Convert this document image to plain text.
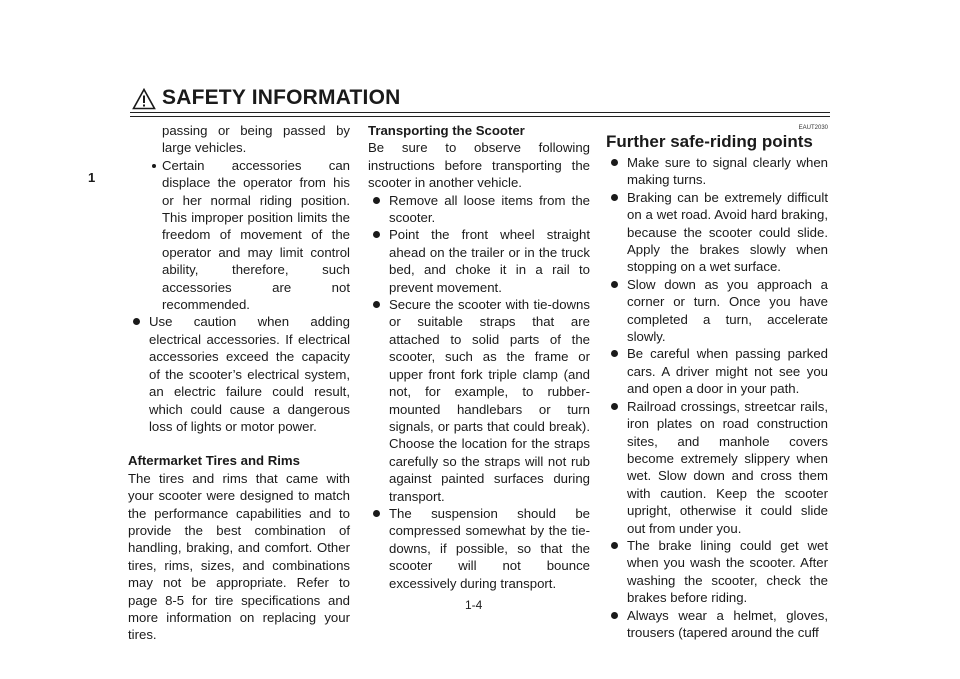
SAFETY INFORMATION
1

passing or being passed by large vehicles.

Certain accessories can displace the operator from his or her normal riding position. This improper position limits the freedom of movement of the operator and may limit control ability, therefore, such accessories are not recommended.

Use caution when adding electrical accessories. If electrical accessories exceed the capacity of the scooter’s electrical system, an electric failure could result, which could cause a dangerous loss of lights or motor power.

Aftermarket Tires and Rims

The tires and rims that came with your scooter were designed to match the performance capabilities and to provide the best combination of handling, braking, and comfort. Other tires, rims, sizes, and combinations may not be appropriate. Refer to page 8-5 for tire specifications and more information on replacing your tires.

Transporting the Scooter

Be sure to observe following instructions before transporting the scooter in another vehicle.

Remove all loose items from the scooter.

Point the front wheel straight ahead on the trailer or in the truck bed, and choke it in a rail to prevent movement.

Secure the scooter with tie-downs or suitable straps that are attached to solid parts of the scooter, such as the frame or upper front fork triple clamp (and not, for example, to rubber-mounted handlebars or turn signals, or parts that could break). Choose the location for the straps carefully so the straps will not rub against painted surfaces during transport.

The suspension should be compressed somewhat by the tie-downs, if possible, so that the scooter will not bounce excessively during transport.

EAUT2030
Further safe-riding points

Make sure to signal clearly when making turns.

Braking can be extremely difficult on a wet road. Avoid hard braking, because the scooter could slide. Apply the brakes slowly when stopping on a wet surface.

Slow down as you approach a corner or turn. Once you have completed a turn, accelerate slowly.

Be careful when passing parked cars. A driver might not see you and open a door in your path.

Railroad crossings, streetcar rails, iron plates on road construction sites, and manhole covers become extremely slippery when wet. Slow down and cross them with caution. Keep the scooter upright, otherwise it could slide out from under you.

The brake lining could get wet when you wash the scooter. After washing the scooter, check the brakes before riding.

Always wear a helmet, gloves, trousers (tapered around the cuff

1-4
